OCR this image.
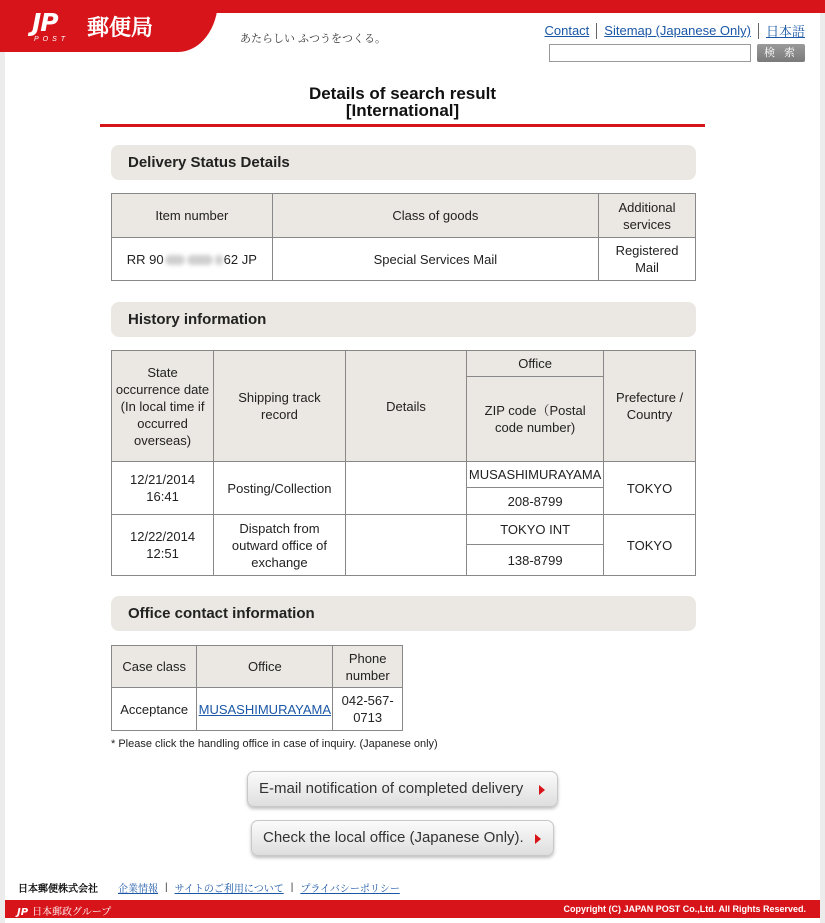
JP
POST 郵便局	あたらしい ふつうをつくる。
Contact Sitemap (Japanese Only) 日本語
検 索
Details of search result
[International]
Delivery Status Details
Item number	Class of goods	Additional services
RR 90 62 JP	Special Services Mail	Registered Mail
History information
State occurrence date (In local time if occurred overseas)	Shipping track record	Details	Office	Prefecture / Country
			ZIP code（Postal code number)	
12/21/2014 16:41	Posting/Collection		MUSASHIMURAYAMA	TOKYO
			208-8799	
12/22/2014 12:51	Dispatch from outward office of exchange		TOKYO INT	TOKYO
			138-8799	
Office contact information
Case class	Office	Phone number
Acceptance	MUSASHIMURAYAMA	042-567-0713
* Please click the handling office in case of inquiry. (Japanese only)
E-mail notification of completed delivery
Check the local office (Japanese Only).
日本郵便株式会社 企業情報 | サイトのご利用について | プライバシーポリシー
JP 日本郵政グループ	Copyright (C) JAPAN POST Co.,Ltd. All Rights Reserved.
